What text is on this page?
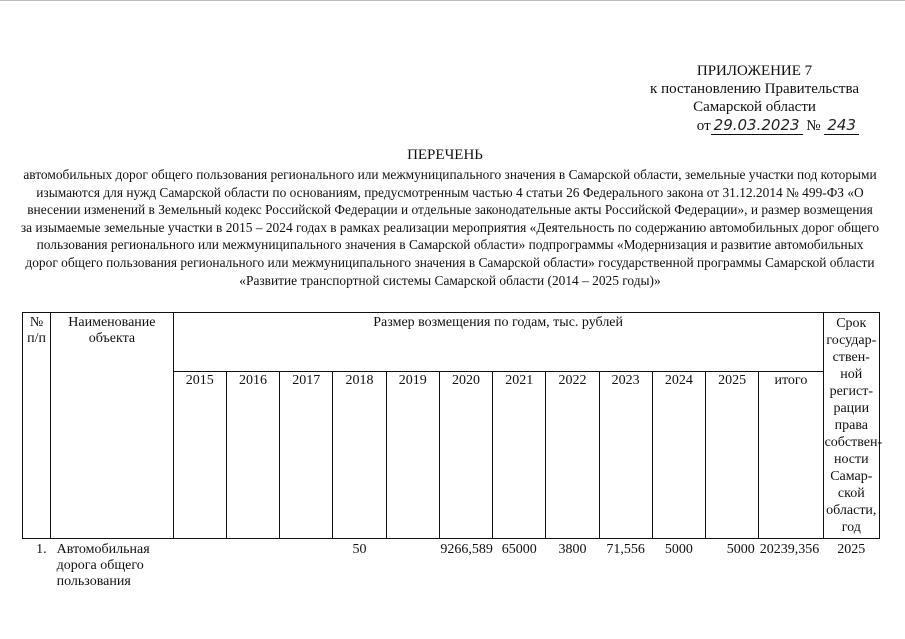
ПРИЛОЖЕНИЕ 7
к постановлению Правительства
Самарской области
от 29.03.2023 № 243
ПЕРЕЧЕНЬ
автомобильных дорог общего пользования регионального или межмуниципального значения в Самарской области, земельные участки под которыми изымаются для нужд Самарской области по основаниям, предусмотренным частью 4 статьи 26 Федерального закона от 31.12.2014 № 499-ФЗ «О внесении изменений в Земельный кодекс Российской Федерации и отдельные законодательные акты Российской Федерации», и размер возмещения за изымаемые земельные участки в 2015 – 2024 годах в рамках реализации мероприятия «Деятельность по содержанию автомобильных дорог общего пользования регионального или межмуниципального значения в Самарской области» подпрограммы «Модернизация и развитие автомобильных дорог общего пользования регионального или межмуниципального значения в Самарской области» государственной программы Самарской области «Развитие транспортной системы Самарской области (2014 – 2025 годы)»
№ п/п	Наименование объекта	Размер возмещения по годам, тыс. рублей												Срок государ-ствен-ной регист-рации права собствен-ности Самар-ской области, год
		2015	2016	2017	2018	2019	2020	2021	2022	2023	2024	2025	итого	
1.	Автомобильная дорога общего пользования				50		9266,589	65000	3800	71,556	5000	5000	20239,356	2025
